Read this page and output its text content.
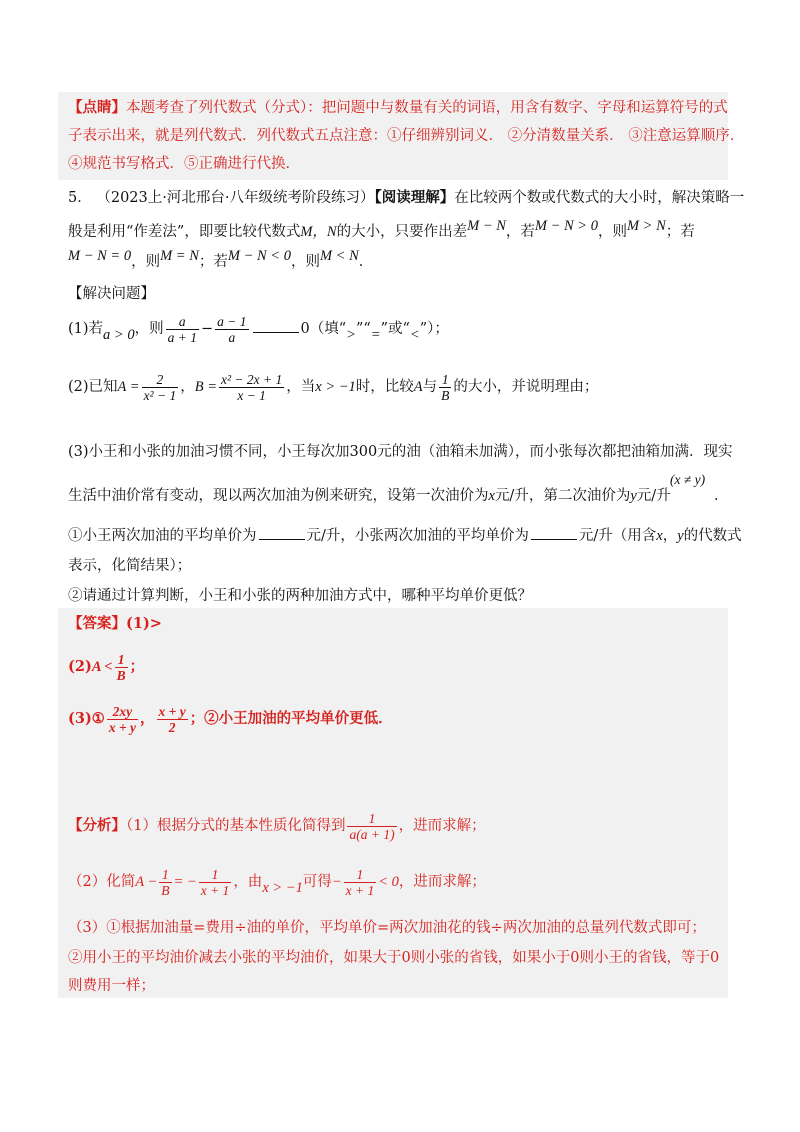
【点睛】本题考查了列代数式（分式）：把问题中与数量有关的词语，用含有数字、字母和运算符号的式
子表示出来，就是列代数式．列代数式五点注意：①仔细辨别词义． ②分清数量关系． ③注意运算顺序．
④规范书写格式．⑤正确进行代换．
5． （2023上·河北邢台·八年级统考阶段练习）【阅读理解】在比较两个数或代数式的大小时，解决策略一
般是利用“作差法”，即要比较代数式M，N的大小，只要作出差M − N，若M − N > 0，则M > N；若
M − N = 0，则M = N；若M − N < 0，则M < N．
【解决问题】
(1)若a > 0，则 $\frac{a}{a + 1} - \frac{a - 1}{a}$	0（填“>”“=”或“<”）；
(2)已知$A = \frac{2}{\text{x² − 1}}$ ，$B = \frac{\text{x² − 2x + 1}}{x - 1}$ ，当x > −1时，比较A与 $\frac{1}{B}$ 的大小，并说明理由；
(3)小王和小张的加油习惯不同，小王每次加300元的油（油箱未加满），而小张每次都把油箱加满．现实
生活中油价常有变动，现以两次加油为例来研究，设第一次油价为x元/升，第二次油价为y元/升
(x ≠ y)
．
①小王两次加油的平均单价为	元/升，小张两次加油的平均单价为	元/升（用含x，y的代数式
表示，化简结果）；
②请通过计算判断，小王和小张的两种加油方式中，哪种平均单价更低？
【答案】(1)>
$(2)A < \frac{1}{B}$ ；
(3)① $\frac{2xy}{x + y}$ ， $\frac{x + y}{2}$ ；②小王加油的平均单价更低．
【分析】（1）根据分式的基本性质化简得到 $\frac{1}{a(a + 1)}$ ，进而求解；
（2）化简$A - \frac{1}{B}$ = − $\frac{1}{x + 1}$ ，由x > −1可得− $\frac{1}{x + 1} < 0$，进而求解；
（3）①根据加油量=费用÷油的单价，平均单价=两次加油花的钱÷两次加油的总量列代数式即可；
②用小王的平均油价减去小张的平均油价，如果大于0则小张的省钱，如果小于0则小王的省钱，等于0
则费用一样；
